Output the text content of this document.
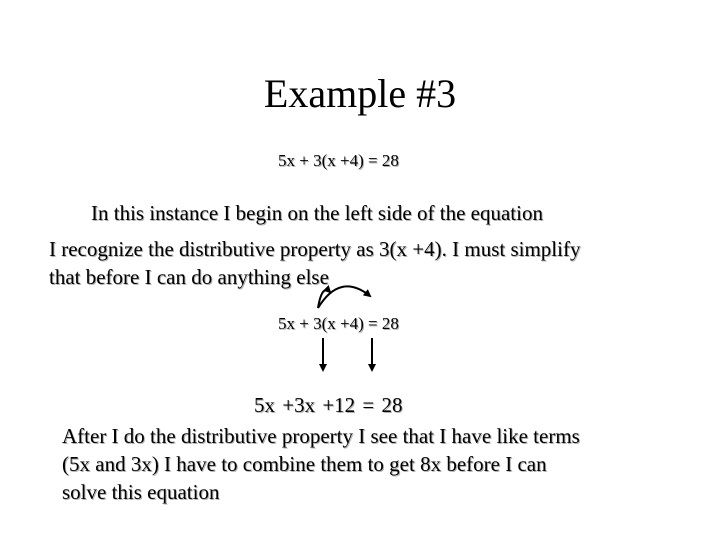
Example #3
5x + 3(x +4) = 28
In this instance I begin on the left side of the equation
I recognize the distributive property as 3(x +4). I must simplify
that before I can do anything else
5x + 3(x +4) = 28
5x +3x +12 = 28
After I do the distributive property I see that I have like terms
(5x and 3x) I have to combine them to get 8x before I can
solve this equation
